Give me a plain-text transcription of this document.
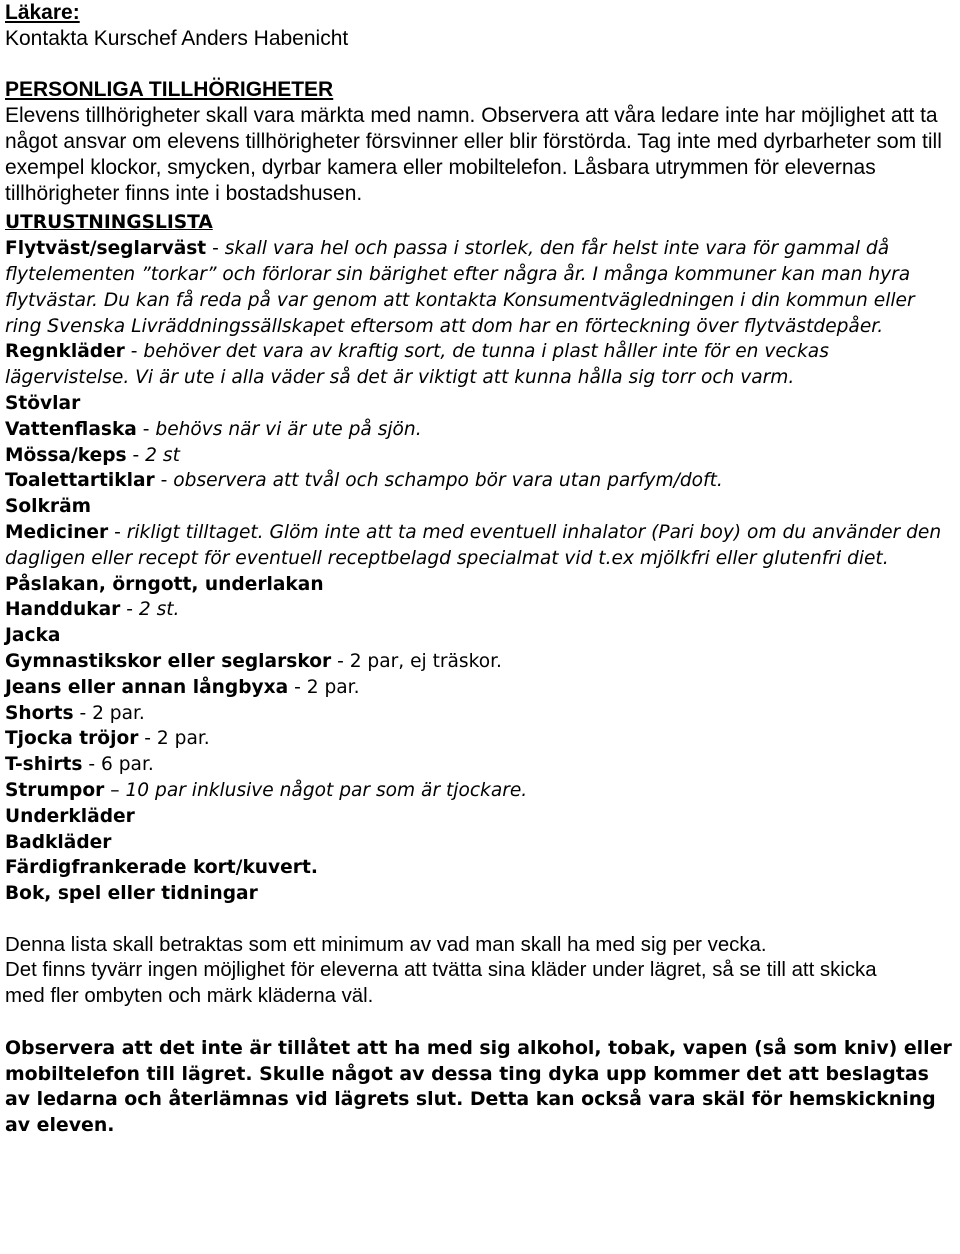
Läkare:
Kontakta Kurschef Anders Habenicht

PERSONLIGA TILLHÖRIGHETER
Elevens tillhörigheter skall vara märkta med namn. Observera att våra ledare inte har möjlighet att ta något ansvar om elevens tillhörigheter försvinner eller blir förstörda. Tag inte med dyrbarheter som till exempel klockor, smycken, dyrbar kamera eller mobiltelefon. Låsbara utrymmen för elevernas tillhörigheter finns inte i bostadshusen.

UTRUSTNINGSLISTA
Flytväst/seglarväst - skall vara hel och passa i storlek, den får helst inte vara för gammal då flytelementen ”torkar” och förlorar sin bärighet efter några år. I många kommuner kan man hyra flytvästar. Du kan få reda på var genom att kontakta Konsumentvägledningen i din kommun eller ring Svenska Livräddningssällskapet eftersom att dom har en förteckning över flytvästdepåer.
Regnkläder - behöver det vara av kraftig sort, de tunna i plast håller inte för en veckas lägervistelse. Vi är ute i alla väder så det är viktigt att kunna hålla sig torr och varm.
Stövlar
Vattenflaska - behövs när vi är ute på sjön.
Mössa/keps - 2 st
Toalettartiklar - observera att tvål och schampo bör vara utan parfym/doft.
Solkräm
Mediciner - rikligt tilltaget. Glöm inte att ta med eventuell inhalator (Pari boy) om du använder den dagligen eller recept för eventuell receptbelagd specialmat vid t.ex mjölkfri eller glutenfri diet.
Påslakan, örngott, underlakan
Handdukar - 2 st.
Jacka
Gymnastikskor eller seglarskor - 2 par, ej träskor.
Jeans eller annan långbyxa - 2 par.
Shorts - 2 par.
Tjocka tröjor - 2 par.
T-shirts - 6 par.
Strumpor – 10 par inklusive något par som är tjockare.
Underkläder
Badkläder
Färdigfrankerade kort/kuvert.
Bok, spel eller tidningar

Denna lista skall betraktas som ett minimum av vad man skall ha med sig per vecka.
Det finns tyvärr ingen möjlighet för eleverna att tvätta sina kläder under lägret, så se till att skicka
med fler ombyten och märk kläderna väl.

Observera att det inte är tillåtet att ha med sig alkohol, tobak, vapen (så som kniv) eller mobiltelefon till lägret. Skulle något av dessa ting dyka upp kommer det att beslagtas av ledarna och återlämnas vid lägrets slut. Detta kan också vara skäl för hemskickning av eleven.
